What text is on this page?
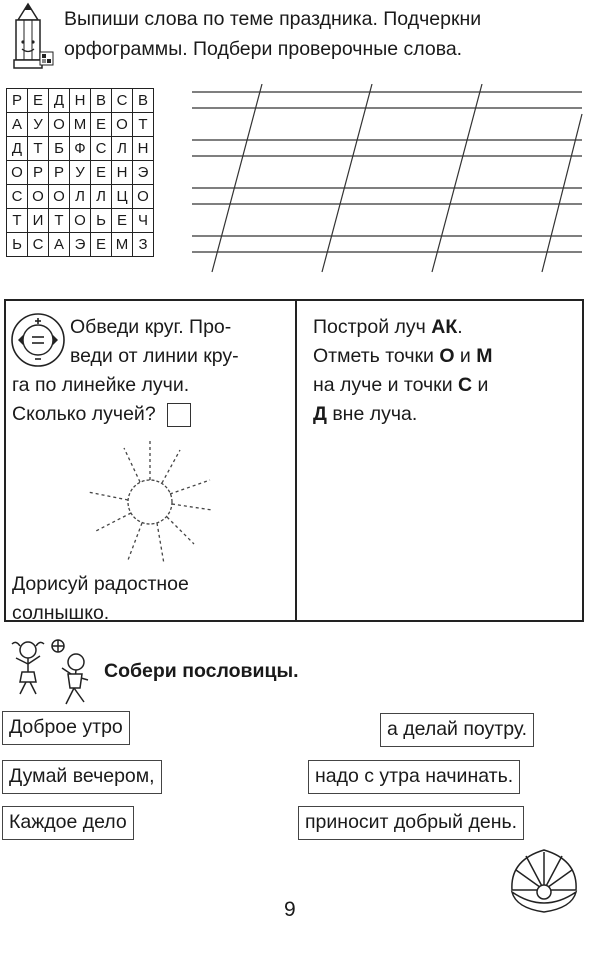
Выпиши слова по теме праздника. Подчеркни орфограммы. Подбери проверочные слова.
Р	Е	Д	Н	В	С	В
А	У	О	М	Е	О	Т
Д	Т	Б	Ф	С	Л	Н
О	Р	Р	У	Е	Н	Э
С	О	О	Л	Л	Ц	О
Т	И	Т	О	Ь	Е	Ч
Ь	С	А	Э	Е	М	З
Обведи круг. Про-
веди от линии кру-
га по линейке лучи.
Сколько лучей?
Дорисуй радостное
солнышко.
Построй луч АК.
Отметь точки О и М
на луче и точки С и
Д вне луча.
Собери пословицы.
Доброе утро
Думай вечером,
Каждое дело
а делай поутру.
надо с утра начинать.
приносит добрый день.
9
